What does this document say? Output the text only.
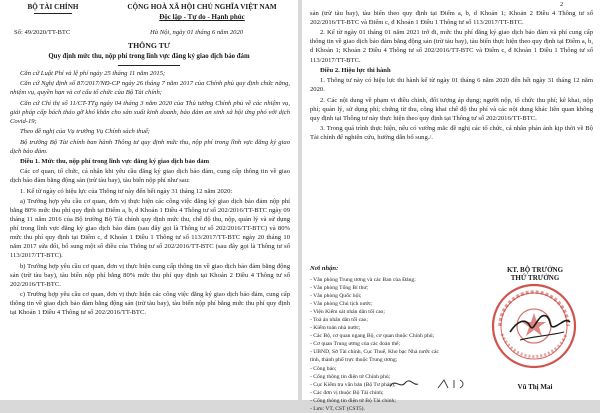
BỘ TÀI CHÍNH	CỘNG HOÀ XÃ HỘI CHỦ NGHĨA VIỆT NAM
Độc lập - Tự do - Hạnh phúc
Số: 49/2020/TT-BTC	Hà Nội, ngày 01 tháng 6 năm 2020
THÔNG TƯ
Quy định mức thu, nộp phí trong lĩnh vực đăng ký giao dịch bảo đảm

Căn cứ Luật Phí và lệ phí ngày 25 tháng 11 năm 2015;

Căn cứ Nghị định số 87/2017/NĐ-CP ngày 26 tháng 7 năm 2017 của Chính phủ quy định chức năng, nhiệm vụ, quyền hạn và cơ cấu tổ chức của Bộ Tài chính;

Căn cứ Chỉ thị số 11/CT-TTg ngày 04 tháng 3 năm 2020 của Thủ tướng Chính phủ về các nhiệm vụ, giải pháp cấp bách tháo gỡ khó khăn cho sản xuất kinh doanh, bảo đảm an sinh xã hội ứng phó với dịch Covid-19;

Theo đề nghị của Vụ trưởng Vụ Chính sách thuế;

Bộ trưởng Bộ Tài chính ban hành Thông tư quy định mức thu, nộp phí trong lĩnh vực đăng ký giao dịch bảo đảm.

Điều 1. Mức thu, nộp phí trong lĩnh vực đăng ký giao dịch bảo đảm

Các cơ quan, tổ chức, cá nhân khi yêu cầu đăng ký giao dịch bảo đảm, cung cấp thông tin về giao dịch bảo đảm bằng động sản (trừ tàu bay), tàu biển nộp phí như sau:

1. Kể từ ngày có hiệu lực của Thông tư này đến hết ngày 31 tháng 12 năm 2020:

a) Trường hợp yêu cầu cơ quan, đơn vị thực hiện các công việc đăng ký giao dịch bảo đảm nộp phí bằng 80% mức thu phí quy định tại Điểm a, b, d Khoản 1 Điều 4 Thông tư số 202/2016/TT-BTC ngày 09 tháng 11 năm 2016 của Bộ trưởng Bộ Tài chính quy định mức thu, chế độ thu, nộp, quản lý và sử dụng phí trong lĩnh vực đăng ký giao dịch bảo đảm (sau đây gọi là Thông tư số 202/2016/TT-BTC) và 80% mức thu phí quy định tại Điểm c, đ Khoản 1 Điều 1 Thông tư số 113/2017/TT-BTC ngày 20 tháng 10 năm 2017 sửa đổi, bổ sung một số điều của Thông tư số 202/2016/TT-BTC (sau đây gọi là Thông tư số 113/2017/TT-BTC).

b) Trường hợp yêu cầu cơ quan, đơn vị thực hiện cung cấp thông tin về giao dịch bảo đảm bằng động sản (trừ tàu bay), tàu biển nộp phí bằng 80% mức thu phí quy định tại Khoản 2 Điều 4 Thông tư số 202/2016/TT-BTC.

c) Trường hợp yêu cầu cơ quan, đơn vị thực hiện các công việc đăng ký giao dịch bảo đảm, cung cấp thông tin về giao dịch bảo đảm bằng động sản (trừ tàu bay), tàu biển nộp phí bằng mức thu phí quy định tại Khoản 1 Điều 4 Thông tư số 202/2016/TT-BTC.

2

sản (trừ tàu bay), tàu biển theo quy định tại Điểm a, b, d Khoản 1; Khoản 2 Điều 4 Thông tư số 202/2016/TT-BTC và Điểm c, đ Khoản 1 Điều 1 Thông tư số 113/2017/TT-BTC.

2. Kể từ ngày 01 tháng 01 năm 2021 trở đi, mức thu phí đăng ký giao dịch bảo đảm và phí cung cấp thông tin về giao dịch bảo đảm bằng động sản (trừ tàu bay), tàu biển thực hiện theo quy định tại Điểm a, b, d Khoản 1; Khoản 2 Điều 4 Thông tư số 202/2016/TT-BTC và Điểm c, đ Khoản 1 Điều 1 Thông tư số 113/2017/TT-BTC.

Điều 2. Hiệu lực thi hành

1. Thông tư này có hiệu lực thi hành kể từ ngày 01 tháng 6 năm 2020 đến hết ngày 31 tháng 12 năm 2020.

2. Các nội dung về phạm vi điều chỉnh, đối tượng áp dụng; người nộp, tổ chức thu phí; kê khai, nộp phí; quản lý, sử dụng phí; chứng từ thu, công khai chế độ thu phí và các nội dung khác liên quan không quy định tại Thông tư này thực hiện theo quy định tại Thông tư số 202/2016/TT-BTC.

3. Trong quá trình thực hiện, nếu có vướng mắc đề nghị các tổ chức, cá nhân phản ánh kịp thời về Bộ Tài chính để nghiên cứu, hướng dẫn bổ sung./.

Nơi nhận:
- Văn phòng Trung ương và các Ban của Đảng;
- Văn phòng Tổng Bí thư;
- Văn phòng Quốc hội;
- Văn phòng Chủ tịch nước;
- Viện Kiểm sát nhân dân tối cao;
- Toà án nhân dân tối cao;
- Kiểm toán nhà nước;
- Các Bộ, cơ quan ngang Bộ, cơ quan thuộc Chính phủ;
- Cơ quan Trung ương của các đoàn thể;
- UBND, Sở Tài chính, Cục Thuế, Kho bạc Nhà nước các
tỉnh, thành phố trực thuộc Trung ương;
- Công báo;
- Cổng thông tin điện tử Chính phủ;
- Cục Kiểm tra văn bản (Bộ Tư pháp);
- Các đơn vị thuộc Bộ Tài chính;
- Cổng thông tin điện tử Bộ Tài chính;
- Lưu: VT, CST (CST5).
KT. BỘ TRƯỞNG
THỨ TRƯỞNG
Vũ Thị Mai
